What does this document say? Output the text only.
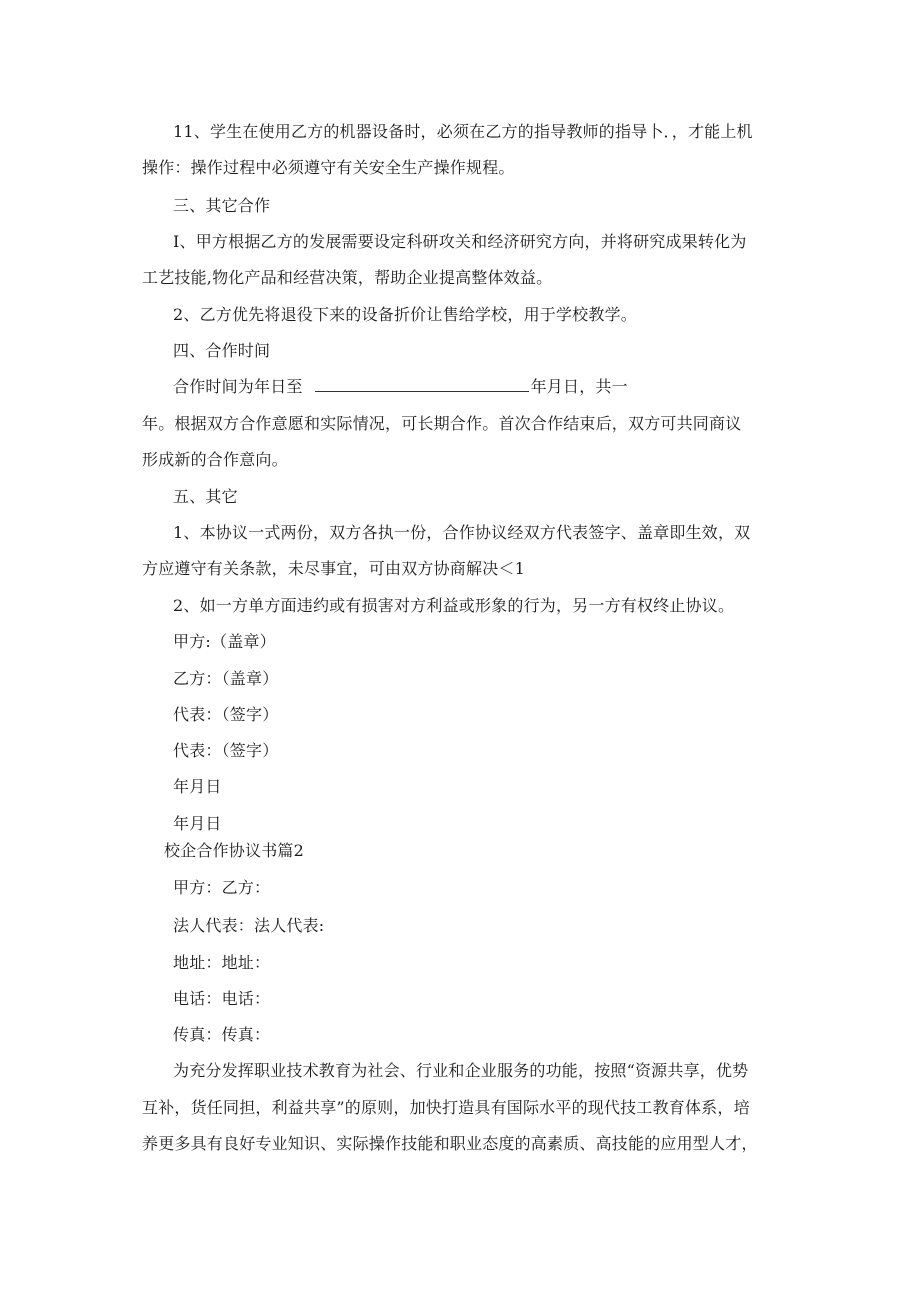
11、学生在使用乙方的机器设备时，必须在乙方的指导教师的指导卜．，才能上机
操作：操作过程中必须遵守有关安全生产操作规程。
三、其它合作
I、甲方根据乙方的发展需要设定科研攻关和经济研究方向，并将研究成果转化为
工艺技能,物化产品和经营决策，帮助企业提高整体效益。
2、乙方优先将退役下来的设备折价让售给学校，用于学校教学。
四、合作时间
合作时间为年日至	年月日，共一
年。根据双方合作意愿和实际情况，可长期合作。首次合作结束后，双方可共同商议
形成新的合作意向。
五、其它
1、本协议一式两份，双方各执一份，合作协议经双方代表签字、盖章即生效，双
方应遵守有关条款，未尽事宜，可由双方协商解决＜1
2、如一方单方面违约或有损害对方利益或形象的行为，另一方有权终止协议。
甲方:（盖章）
乙方：（盖章）
代表：（签字）
代表：（签字）
年月日
年月日
校企合作协议书篇2
甲方：乙方：
法人代表：法人代表:
地址：地址：
电话：电话：
传真：传真：
为充分发挥职业技术教育为社会、行业和企业服务的功能，按照“资源共享，优势
互补，货任同担，利益共享”的原则，加快打造具有国际水平的现代技工教育体系，培
养更多具有良好专业知识、实际操作技能和职业态度的高素质、高技能的应用型人才，
